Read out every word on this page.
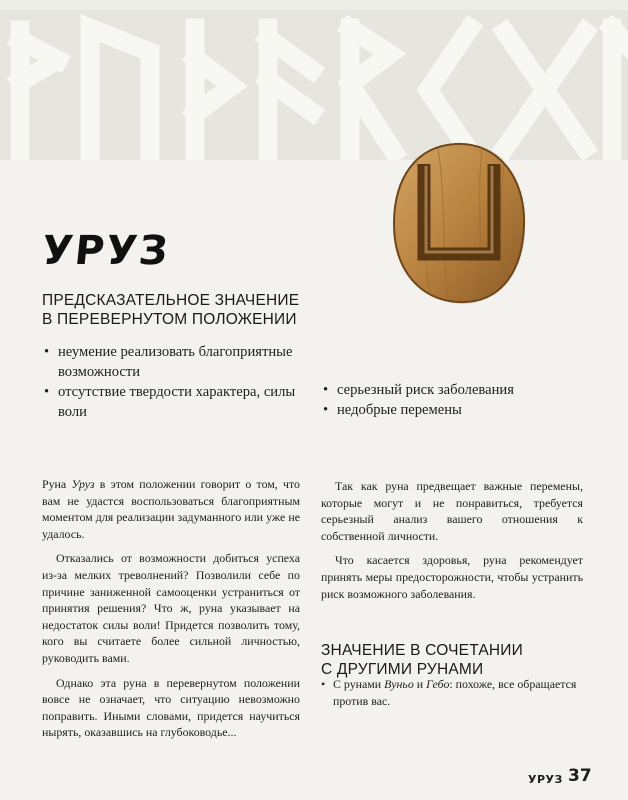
УРУЗ
ПРЕДСКАЗАТЕЛЬНОЕ ЗНАЧЕНИЕ
В ПЕРЕВЕРНУТОМ ПОЛОЖЕНИИ
• неумение реализовать благоприятные возможности
• отсутствие твердости характера, силы воли
• серьезный риск заболевания
• недобрые перемены

Руна Уруз в этом положении говорит о том, что вам не удастся воспользоваться благоприятным моментом для реализации задуманного или уже не удалось.

Отказались от возможности добиться успеха из-за мелких треволнений? Позволили себе по причине заниженной самооценки устраниться от принятия решения? Что ж, руна указывает на недостаток силы воли! Придется позволить тому, кого вы считаете более сильной личностью, руководить вами.

Однако эта руна в перевернутом положении вовсе не означает, что ситуацию невозможно поправить. Иными словами, придется научиться нырять, оказавшись на глубоководье...

Так как руна предвещает важные перемены, которые могут и не понравиться, требуется серьезный анализ вашего отношения к собственной личности.

Что касается здоровья, руна рекомендует принять меры предосторожности, чтобы устранить риск возможного заболевания.

ЗНАЧЕНИЕ В СОЧЕТАНИИ
С ДРУГИМИ РУНАМИ
• С рунами Вуньо и Гебо: похоже, все обращается против вас.
УРУЗ 37
